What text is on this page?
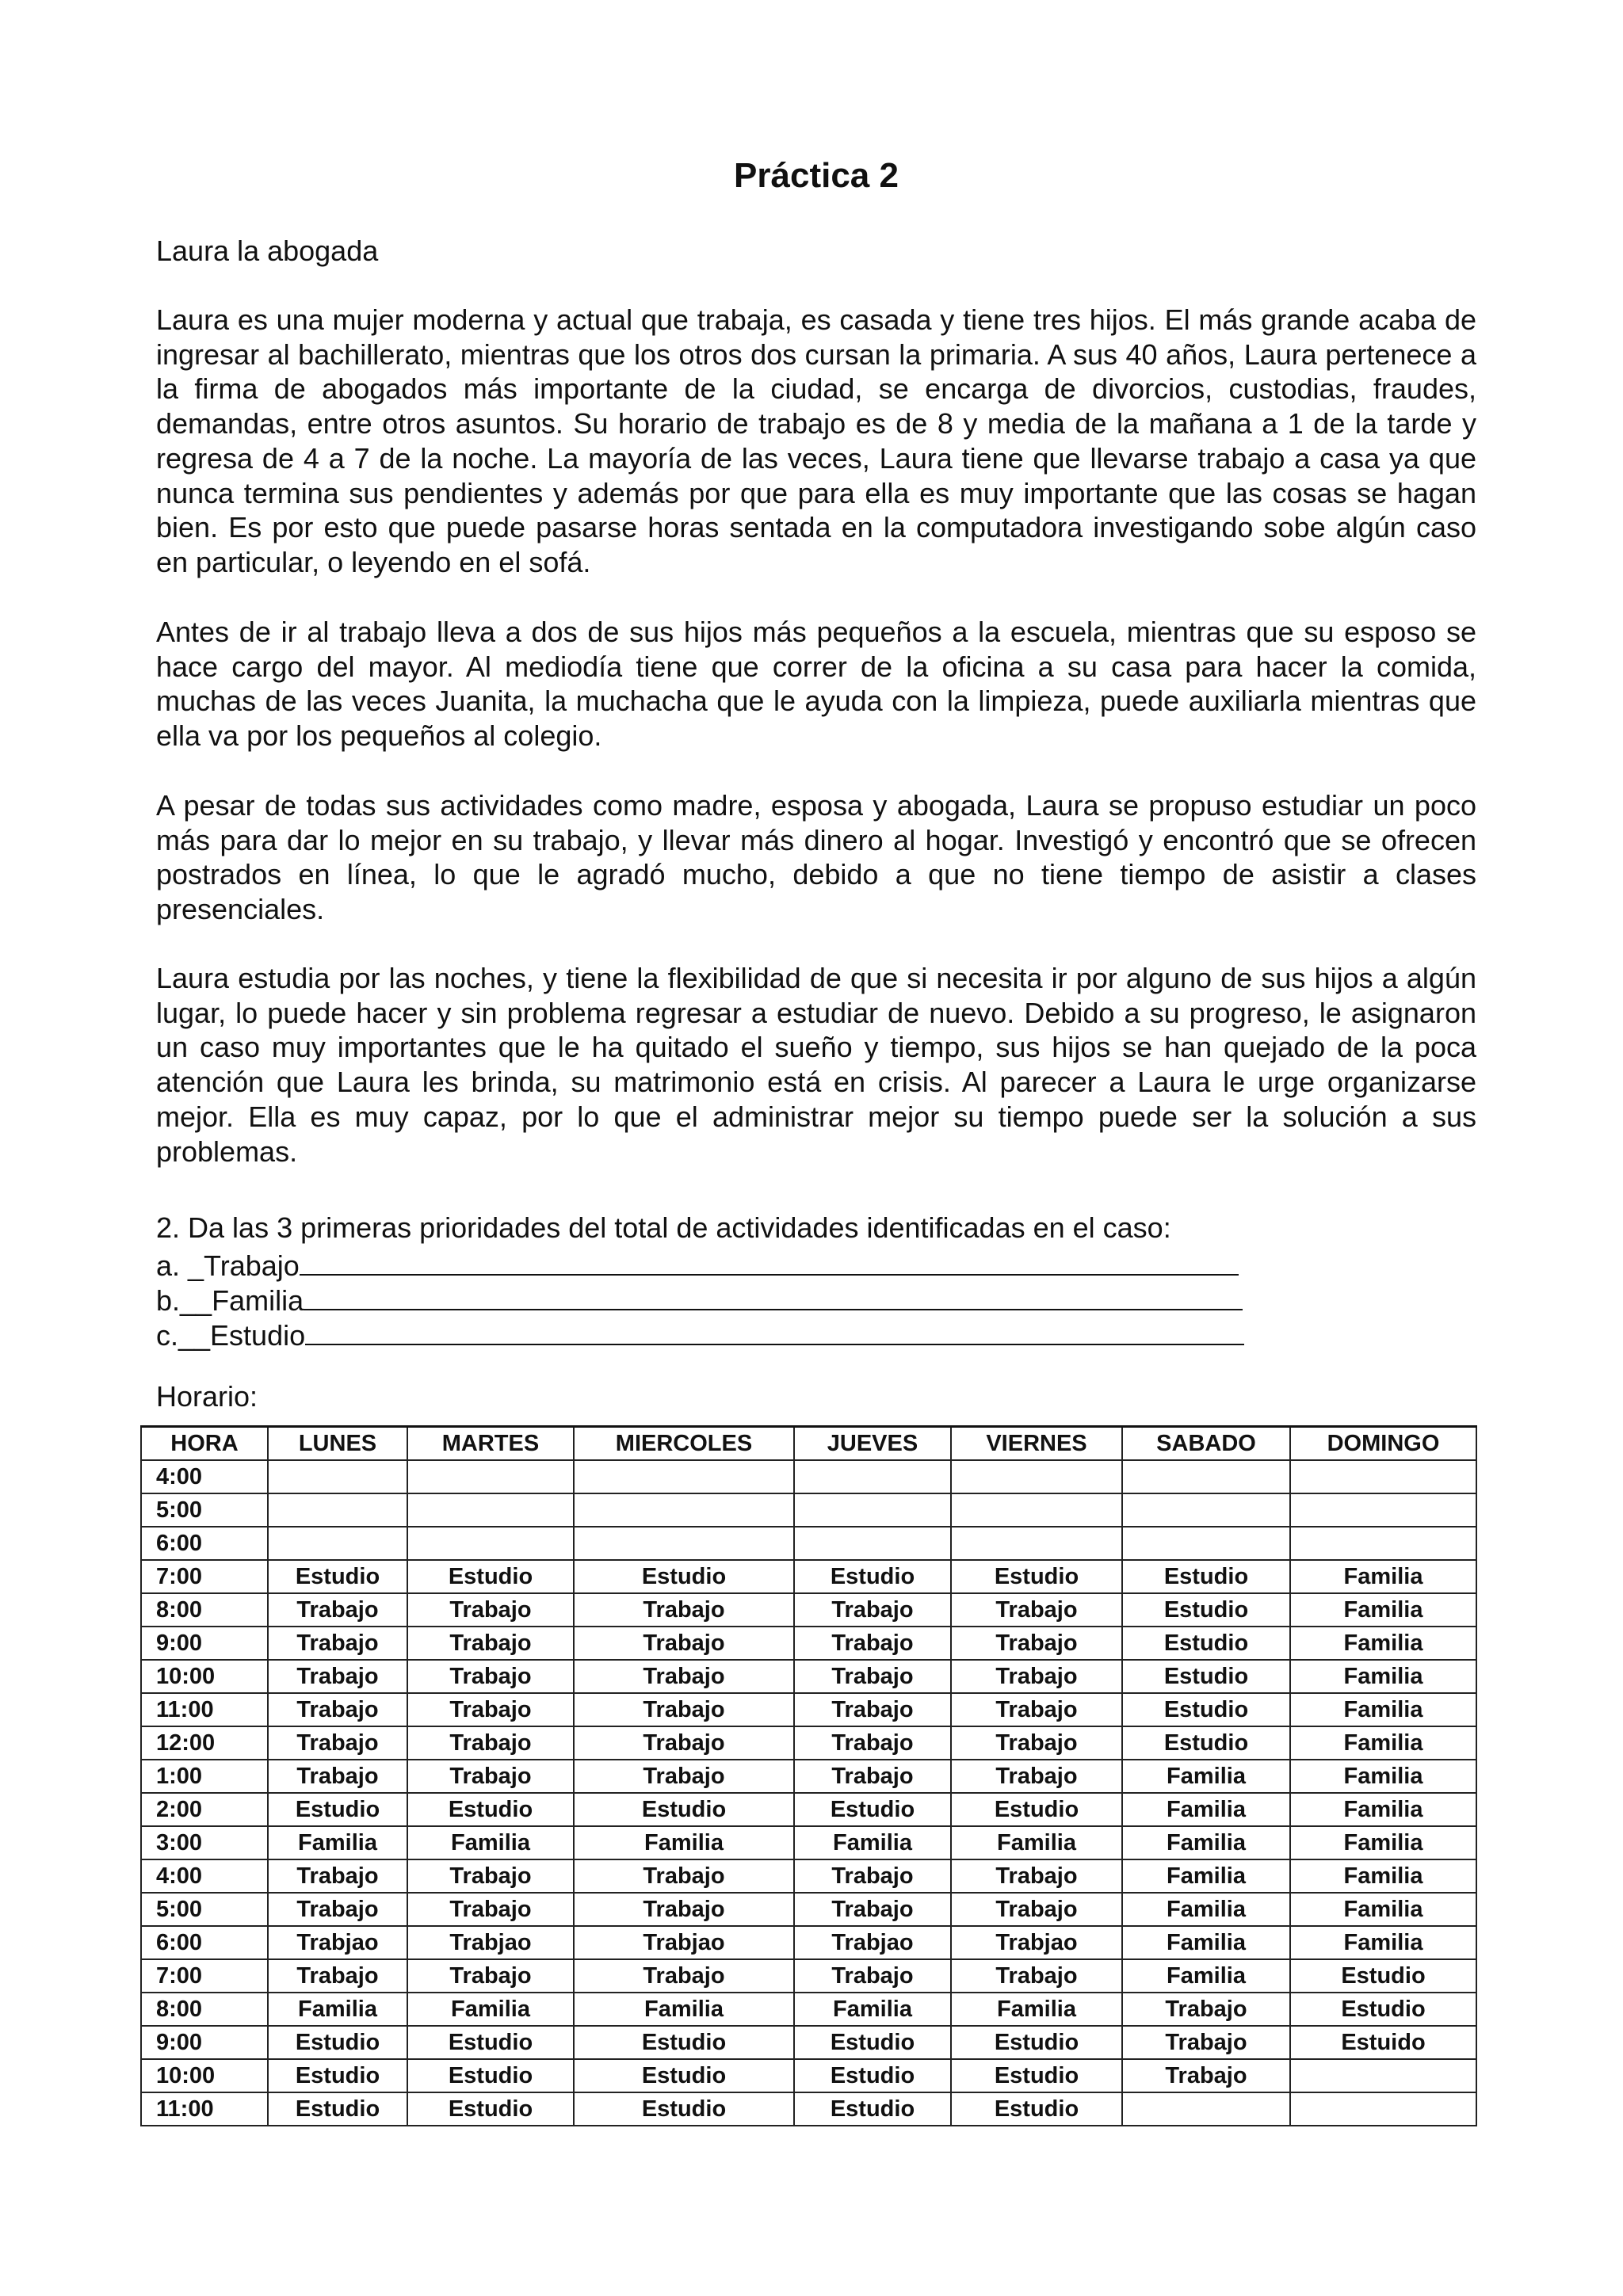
Práctica 2
Laura la abogada

Laura es una mujer moderna y actual que trabaja, es casada y tiene tres hijos. El más grande acaba de ingresar al bachillerato, mientras que los otros dos cursan la primaria. A sus 40 años, Laura pertenece a la firma de abogados más importante de la ciudad, se encarga de divorcios, custodias, fraudes, demandas, entre otros asuntos. Su horario de trabajo es de 8 y media de la mañana a 1 de la tarde y regresa de 4 a 7 de la noche. La mayoría de las veces, Laura tiene que llevarse trabajo a casa ya que nunca termina sus pendientes y además por que para ella es muy importante que las cosas se hagan bien. Es por esto que puede pasarse horas sentada en la computadora investigando sobe algún caso en particular, o leyendo en el sofá.

Antes de ir al trabajo lleva a dos de sus hijos más pequeños a la escuela, mientras que su esposo se hace cargo del mayor. Al mediodía tiene que correr de la oficina a su casa para hacer la comida, muchas de las veces Juanita, la muchacha que le ayuda con la limpieza, puede auxiliarla mientras que ella va por los pequeños al colegio.

A pesar de todas sus actividades como madre, esposa y abogada, Laura se propuso estudiar un poco más para dar lo mejor en su trabajo, y llevar más dinero al hogar. Investigó y encontró que se ofrecen postrados en línea, lo que le agradó mucho, debido a que no tiene tiempo de asistir a clases presenciales.

Laura estudia por las noches, y tiene la flexibilidad de que si necesita ir por alguno de sus hijos a algún lugar, lo puede hacer y sin problema regresar a estudiar de nuevo. Debido a su progreso, le asignaron un caso muy importantes que le ha quitado el sueño y tiempo, sus hijos se han quejado de la poca atención que Laura les brinda, su matrimonio está en crisis. Al parecer a Laura le urge organizarse mejor. Ella es muy capaz, por lo que el administrar mejor su tiempo puede ser la solución a sus problemas.

2. Da las 3 primeras prioridades del total de actividades identificadas en el caso:
a. _Trabajo
b.__Familia
c.__Estudio
Horario:
HORA	LUNES	MARTES	MIERCOLES	JUEVES	VIERNES	SABADO	DOMINGO
4:00							
5:00							
6:00							
7:00	Estudio	Estudio	Estudio	Estudio	Estudio	Estudio	Familia
8:00	Trabajo	Trabajo	Trabajo	Trabajo	Trabajo	Estudio	Familia
9:00	Trabajo	Trabajo	Trabajo	Trabajo	Trabajo	Estudio	Familia
10:00	Trabajo	Trabajo	Trabajo	Trabajo	Trabajo	Estudio	Familia
11:00	Trabajo	Trabajo	Trabajo	Trabajo	Trabajo	Estudio	Familia
12:00	Trabajo	Trabajo	Trabajo	Trabajo	Trabajo	Estudio	Familia
1:00	Trabajo	Trabajo	Trabajo	Trabajo	Trabajo	Familia	Familia
2:00	Estudio	Estudio	Estudio	Estudio	Estudio	Familia	Familia
3:00	Familia	Familia	Familia	Familia	Familia	Familia	Familia
4:00	Trabajo	Trabajo	Trabajo	Trabajo	Trabajo	Familia	Familia
5:00	Trabajo	Trabajo	Trabajo	Trabajo	Trabajo	Familia	Familia
6:00	Trabjao	Trabjao	Trabjao	Trabjao	Trabjao	Familia	Familia
7:00	Trabajo	Trabajo	Trabajo	Trabajo	Trabajo	Familia	Estudio
8:00	Familia	Familia	Familia	Familia	Familia	Trabajo	Estudio
9:00	Estudio	Estudio	Estudio	Estudio	Estudio	Trabajo	Estuido
10:00	Estudio	Estudio	Estudio	Estudio	Estudio	Trabajo	
11:00	Estudio	Estudio	Estudio	Estudio	Estudio		
